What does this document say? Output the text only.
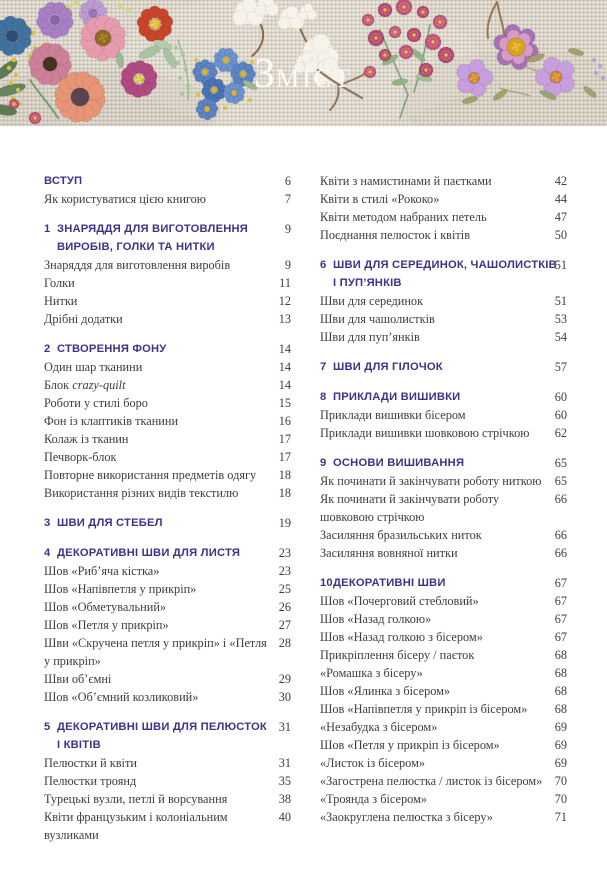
ЗМІСТ
ВСТУП	6
Як користуватися цією книгою	7
1 ЗНАРЯДДЯ ДЛЯ ВИГОТОВЛЕННЯ
ВИРОБІВ, ГОЛКИ ТА НИТКИ
9
Знаряддя для виготовлення виробів	9
Голки	11
Нитки	12
Дрібні додатки	13
2 СТВОРЕННЯ ФОНУ	14
Один шар тканини	14
Блок crazy-quilt	14
Роботи у стилі боро	15
Фон із клаптиків тканини	16
Колаж із тканин	17
Печворк-блок	17
Повторне використання предметів одягу	18
Використання різних видів текстилю	18
3 ШВИ ДЛЯ СТЕБЕЛ	19
4 ДЕКОРАТИВНІ ШВИ ДЛЯ ЛИСТЯ	23
Шов «Риб’яча кістка»	23
Шов «Напівпетля у прикріп»	25
Шов «Обметувальний»	26
Шов «Петля у прикріп»	27
Шви «Скручена петля у прикріп» і «Петля
у прикріп»
28
Шви об’ємні	29
Шов «Об’ємний козликовий»	30
5 ДЕКОРАТИВНІ ШВИ ДЛЯ ПЕЛЮСТОК
І КВІТІВ
31
Пелюстки й квіти	31
Пелюстки троянд	35
Турецькі вузли, петлі й ворсування	38
Квіти французьким і колоніальним
вузликами
40
Квіти з намистинами й паєтками	42
Квіти в стилі «Рококо»	44
Квіти методом набраних петель	47
Поєднання пелюсток і квітів	50
6 ШВИ ДЛЯ СЕРЕДИНОК, ЧАШОЛИСТКІВ
І ПУП’ЯНКІВ
51
Шви для серединок	51
Шви для чашолистків	53
Шви для пуп’янків	54
7 ШВИ ДЛЯ ГІЛОЧОК	57
8 ПРИКЛАДИ ВИШИВКИ	60
Приклади вишивки бісером	60
Приклади вишивки шовковою стрічкою	62
9 ОСНОВИ ВИШИВАННЯ	65
Як починати й закінчувати роботу ниткою	65
Як починати й закінчувати роботу
шовковою стрічкою
66
Засиляння бразильських ниток	66
Засиляння вовняної нитки	66
10ДЕКОРАТИВНІ ШВИ	67
Шов «Почерговий стебловий»	67
Шов «Назад голкою»	67
Шов «Назад голкою з бісером»	67
Прикріплення бісеру / паєток	68
«Ромашка з бісеру»	68
Шов «Ялинка з бісером»	68
Шов «Напівпетля у прикріп із бісером»	68
«Незабудка з бісером»	69
Шов «Петля у прикріп із бісером»	69
«Листок із бісером»	69
«Загострена пелюстка / листок із бісером»	70
«Троянда з бісером»	70
«Заокруглена пелюстка з бісеру»	71
